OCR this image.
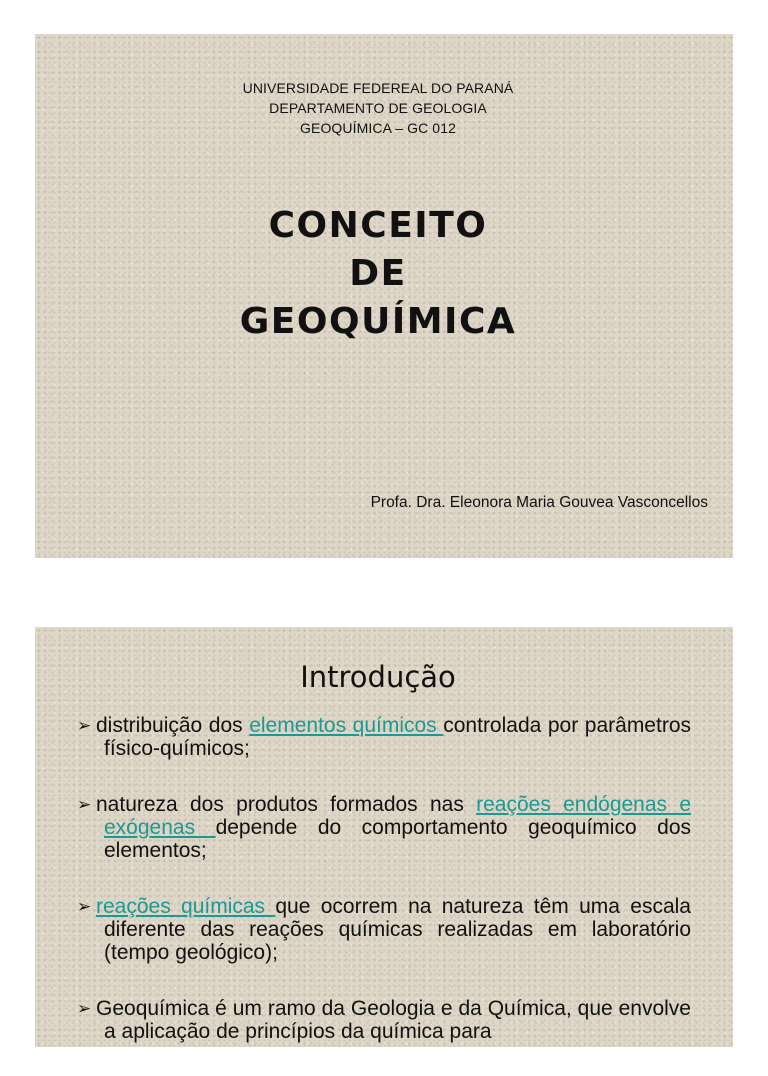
UNIVERSIDADE FEDEREAL DO PARANÁ
DEPARTAMENTO DE GEOLOGIA
GEOQUÍMICA – GC 012
CONCEITO
DE
GEOQUÍMICA
Profa. Dra. Eleonora Maria Gouvea Vasconcellos
Introdução
➢ distribuição dos elementos químicos controlada por parâmetros físico-químicos;
➢ natureza dos produtos formados nas reações endógenas e exógenas depende do comportamento geoquímico dos elementos;
➢ reações químicas que ocorrem na natureza têm uma escala diferente das reações químicas realizadas em laboratório (tempo geológico);
➢ Geoquímica é um ramo da Geologia e da Química, que envolve a aplicação de princípios da química para
